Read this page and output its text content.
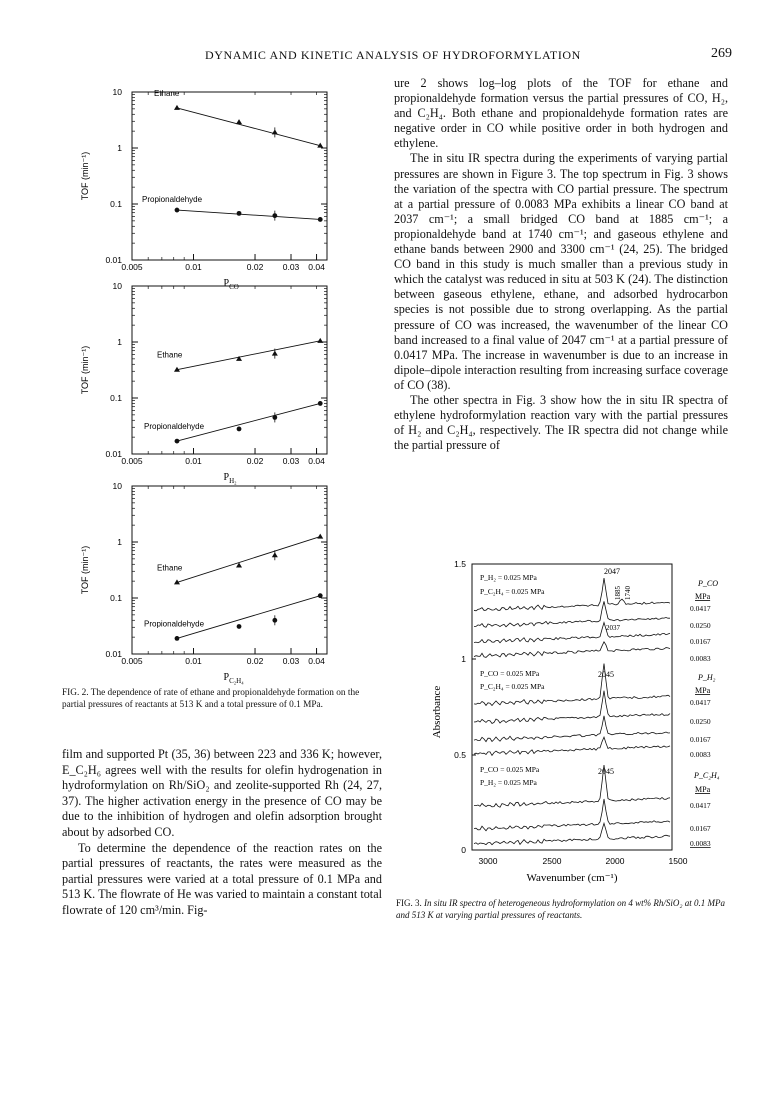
DYNAMIC AND KINETIC ANALYSIS OF HYDROFORMYLATION	269
10
1
0.1
0.01
0.005	0.01	0.02 0.03 0.04
TOF (min⁻¹)
$P_{CO}$
Ethane
Propionaldehyde
10
1
0.1
0.01
0.005	0.01	0.02 0.03 0.04
TOF (min⁻¹)
$P_{H_2}$
Ethane
Propionaldehyde
10
1
0.1
0.01
0.005	0.01	0.02 0.03 0.04
TOF (min⁻¹)
$P_{C_2H_4}$
Ethane
Propionaldehyde
FIG. 2. The dependence of rate of ethane and propionaldehyde formation on the partial pressures of reactants at 513 K and a total pressure of 0.1 MPa.

film and supported Pt (35, 36) between 223 and 336 K; however, E_C₂H₆ agrees well with the results for olefin hydrogenation in hydroformylation on Rh/SiO₂ and zeolite-supported Rh (24, 27, 37). The higher activation energy in the presence of CO may be due to the inhibition of hydrogen and olefin adsorption brought about by adsorbed CO.

To determine the dependence of the reaction rates on the partial pressures of reactants, the rates were measured as the partial pressures were varied at a total pressure of 0.1 MPa and 513 K. The flowrate of He was varied to maintain a constant total flowrate of 120 cm³/min. Fig-

ure 2 shows log–log plots of the TOF for ethane and propionaldehyde formation versus the partial pressures of CO, H₂, and C₂H₄. Both ethane and propionaldehyde formation rates are negative order in CO while positive order in both hydrogen and ethylene.

The in situ IR spectra during the experiments of varying partial pressures are shown in Figure 3. The top spectrum in Fig. 3 shows the variation of the spectra with CO partial pressure. The spectrum at a partial pressure of 0.0083 MPa exhibits a linear CO band at 2037 cm⁻¹; a small bridged CO band at 1885 cm⁻¹; a propionaldehyde band at 1740 cm⁻¹; and gaseous ethylene and ethane bands between 2900 and 3300 cm⁻¹ (24, 25). The bridged CO band in this study is much smaller than a previous study in which the catalyst was reduced in situ at 503 K (24). The distinction between gaseous ethylene, ethane, and adsorbed hydrocarbon species is not possible due to strong overlapping. As the partial pressure of CO was increased, the wavenumber of the linear CO band increased to a final value of 2047 cm⁻¹ at a partial pressure of 0.0417 MPa. The increase in wavenumber is due to an increase in dipole–dipole interaction resulting from increasing surface coverage of CO (38).

The other spectra in Fig. 3 show how the in situ IR spectra of ethylene hydroformylation reaction vary with the partial pressures of H₂ and C₂H₄, respectively. The IR spectra did not change while the partial pressure of

1.5
1
0.5
0
Absorbance
3000	2500	2000	1500
Wavenumber (cm⁻¹)
P_H₂ = 0.025 MPa
P_C₂H₄ = 0.025 MPa
2047
2037
1885 1740
P_CO
MPa
0.0417
0.0250
0.0167
0.0083
P_CO = 0.025 MPa
P_C₂H₄ = 0.025 MPa
2045	P_H₂
MPa
0.0417
0.0250
0.0167
0.0083
P_CO = 0.025 MPa
P_H₂ = 0.025 MPa
2045	P_C₂H₄
MPa
0.0417
0.0167
0.0083
FIG. 3. In situ IR spectra of heterogeneous hydroformylation on 4 wt% Rh/SiO₂ at 0.1 MPa and 513 K at varying partial pressures of reactants.
